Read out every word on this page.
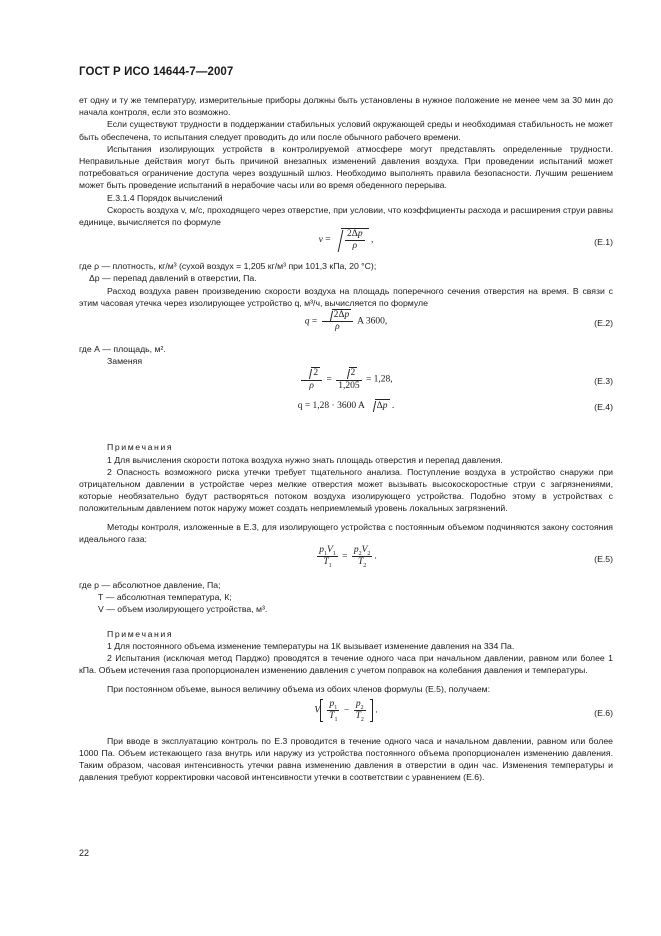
ГОСТ Р ИСО 14644-7—2007

ет одну и ту же температуру, измерительные приборы должны быть установлены в нужное положение не менее чем за 30 мин до начала контроля, если это возможно.

Если существуют трудности в поддержании стабильных условий окружающей среды и необходимая стабильность не может быть обеспечена, то испытания следует проводить до или после обычного рабочего времени.

Испытания изолирующих устройств в контролируемой атмосфере могут представлять определенные трудности. Неправильные действия могут быть причиной внезапных изменений давления воздуха. При проведении испытаний может потребоваться ограничение доступа через воздушный шлюз. Необходимо выполнять правила безопасности. Лучшим решением может быть проведение испытаний в нерабочие часы или во время обеденного перерыва.

Е.3.1.4 Порядок вычислений

Скорость воздуха v, м/с, проходящего через отверстие, при условии, что коэффициенты расхода и расширения струи равны единице, вычисляется по формуле

$v = \frac{2\Delta p}{\rho}$ ,	(Е.1)

где ρ — плотность, кг/м³ (сухой воздух = 1,205 кг/м³ при 101,3 кПа, 20 °С);

Δp — перепад давлений в отверстии, Па.

Расход воздуха равен произведению скорости воздуха на площадь поперечного сечения отверстия на время. В связи с этим часовая утечка через изолирующее устройство q, м³/ч, вычисляется по формуле

$q = \frac{2\Delta p}{\rho}$ A 3600,	(Е.2)

где А — площадь, м².

Заменяя

$\frac{2}{\rho} = \frac{2}{1,205} = 1,28$,	(Е.3)
q = 1,28 · 3600 A Δp .	(Е.4)

Примечания

1 Для вычисления скорости потока воздуха нужно знать площадь отверстия и перепад давления.

2 Опасность возможного риска утечки требует тщательного анализа. Поступление воздуха в устройство снаружи при отрицательном давлении в устройстве через мелкие отверстия может вызывать высокоскоростные струи с загрязнениями, которые необязательно будут растворяться потоком воздуха изолирующего устройства. Подобно этому в устройствах с положительным давлением поток наружу может создать неприемлемый уровень локальных загрязнений.

Методы контроля, изложенные в Е.3, для изолирующего устройства с постоянным объемом подчиняются закону состояния идеального газа:

$\frac{p_1V_1}{T_1} = \frac{p_2V_2}{T_2}$ .	(Е.5)

где р — абсолютное давление, Па;

Т — абсолютная температура, К;

V — объем изолирующего устройства, м³.

Примечания

1 Для постоянного объема изменение температуры на 1К вызывает изменение давления на 334 Па.

2 Испытания (исключая метод Парджо) проводятся в течение одного часа при начальном давлении, равном или более 1 кПа. Объем истечения газа пропорционален изменению давления с учетом поправок на колебания давления и температуры.

При постоянном объеме, вынося величину объема из обоих членов формулы (Е.5), получаем:

V $\frac{p_1}{T_1} - \frac{p_2}{T_2}$ .	(Е.6)

При вводе в эксплуатацию контроль по Е.3 проводится в течение одного часа и начальном давлении, равном или более 1000 Па. Объем истекающего газа внутрь или наружу из устройства постоянного объема пропорционален изменению давления. Таким образом, часовая интенсивность утечки равна изменению давления в отверстии в один час. Изменения температуры и давления требуют корректировки часовой интенсивности утечки в соответствии с уравнением (Е.6).

22
